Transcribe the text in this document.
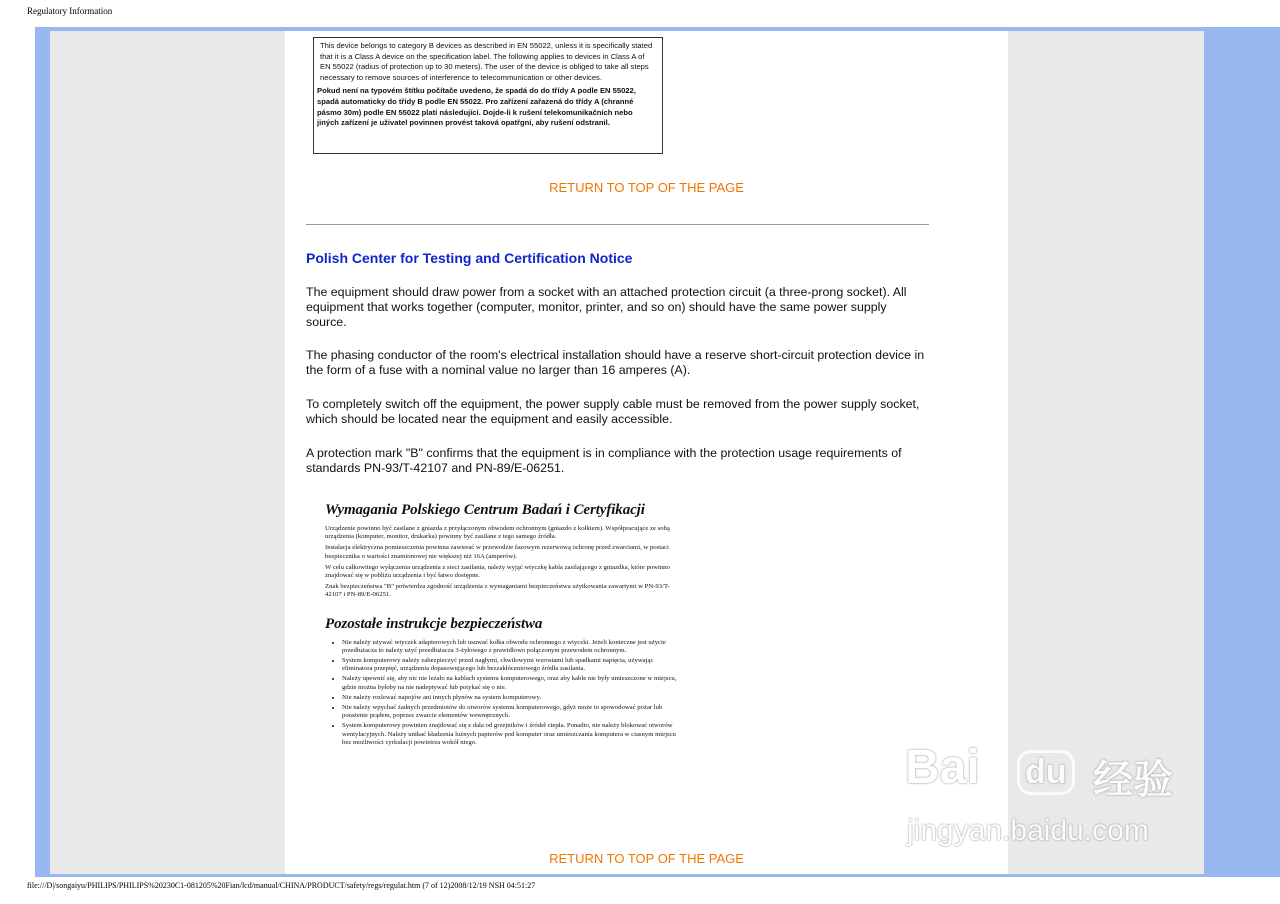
Regulatory Information

This device belongs to category B devices as described in EN 55022, unless it is specifically stated that it is a Class A device on the specification label. The following applies to devices in Class A of EN 55022 (radius of protection up to 30 meters). The user of the device is obliged to take all steps necessary to remove sources of interference to telecommunication or other devices.

Pokud není na typovém štítku počítače uvedeno, že spadá do do třídy A podle EN 55022, spadá automaticky do třídy B podle EN 55022. Pro zařízení zařazená do třídy A (chranné pásmo 30m) podle EN 55022 platí následující. Dojde-li k rušení telekomunikačních nebo jiných zařízení je uživatel povinnen provést taková opatřgní, aby rušení odstranil.

RETURN TO TOP OF THE PAGE
Polish Center for Testing and Certification Notice

The equipment should draw power from a socket with an attached protection circuit (a three-prong socket). All equipment that works together (computer, monitor, printer, and so on) should have the same power supply source.

The phasing conductor of the room's electrical installation should have a reserve short-circuit protection device in the form of a fuse with a nominal value no larger than 16 amperes (A).

To completely switch off the equipment, the power supply cable must be removed from the power supply socket, which should be located near the equipment and easily accessible.

A protection mark "B" confirms that the equipment is in compliance with the protection usage requirements of standards PN-93/T-42107 and PN-89/E-06251.

Wymagania Polskiego Centrum Badań i Certyfikacji

Urządzenie powinno być zasilane z gniazda z przyłączonym obwodem ochronnym (gniazdo z kołkiem). Współpracujące ze sobą urządzenia (komputer, monitor, drukarka) powinny być zasilane z tego samego źródła.

Instalacja elektryczna pomieszczenia powinna zawierać w przewodzie fazowym rezerwową ochronę przed zwarciami, w postaci bezpiecznika o wartości znamionowej nie większej niż 16A (amperów).

W celu całkowitego wyłączenia urządzenia z sieci zasilania, należy wyjąć wtyczkę kabla zasilającego z gniazdka, które powinno znajdować się w pobliżu urządzenia i być łatwo dostępne.

Znak bezpieczeństwa "B" potwierdza zgodność urządzenia z wymaganiami bezpieczeństwa użytkowania zawartymi w PN-93/T-42107 i PN-89/E-06251.

Pozostałe instrukcje bezpieczeństwa
• Nie należy używać wtyczek adapterowych lub usuwać kołka obwodu ochronnego z wtyczki. Jeżeli konieczne jest użycie przedłużacza to należy użyć przedłużacza 3-żyłowego z prawidłowo połączonym przewodem ochronnym.
• System komputerowy należy zabezpieczyć przed nagłymi, chwilowymi wzrostami lub spadkami napięcia, używając eliminatora przepięć, urządzenia dopasowującego lub bezzakłóceniowego źródła zasilania.
• Należy upewnić się, aby nic nie leżało na kablach systemu komputerowego, oraz aby kable nie były umieszczone w miejscu, gdzie można byłoby na nie nadeptywać lub potykać się o nie.
• Nie należy rozlewać napojów ani innych płynów na system komputerowy.
• Nie należy wpychać żadnych przedmiotów do otworów systemu komputerowego, gdyż może to spowodować pożar lub porażenie prądem, poprzez zwarcie elementów wewnętrznych.
• System komputerowy powinien znajdować się z dala od grzejników i źródeł ciepła. Ponadto, nie należy blokować otworów wentylacyjnych. Należy unikać kładzenia luźnych papierów pod komputer oraz umieszczania komputera w ciasnym miejscu bez możliwości cyrkulacji powietrza wokół niego.
RETURN TO TOP OF THE PAGE
Bai du 经验
jingyan.baidu.com
file:///D|/songaiyu/PHILIPS/PHILIPS%20230C1-081205%20Fian/lcd/manual/CHINA/PRODUCT/safety/regs/regulat.htm (7 of 12)2008/12/19 NSH 04:51:27
